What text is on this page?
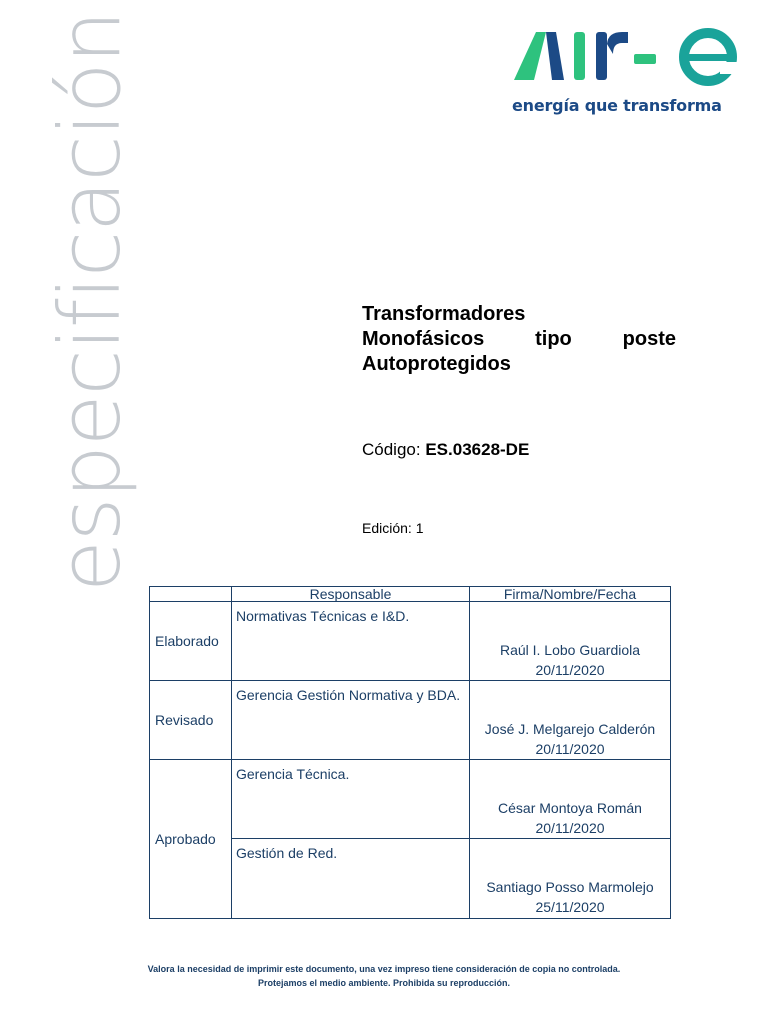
especificación	energía que transforma
Transformadores
Monofásicos	tipo	poste
Autoprotegidos
Código: ES.03628-DE
Edición: 1
	Responsable	Firma/Nombre/Fecha
Elaborado	Normativas Técnicas e I&D.	Raúl I. Lobo Guardiola
20/11/2020

Revisado	Gerencia Gestión Normativa y BDA.	José J. Melgarejo Calderón
20/11/2020

Aprobado	Gerencia Técnica.	César Montoya Román
20/11/2020

	Gestión de Red.	Santiago Posso Marmolejo
25/11/2020
Valora la necesidad de imprimir este documento, una vez impreso tiene consideración de copia no controlada.
Protejamos el medio ambiente. Prohibida su reproducción.
